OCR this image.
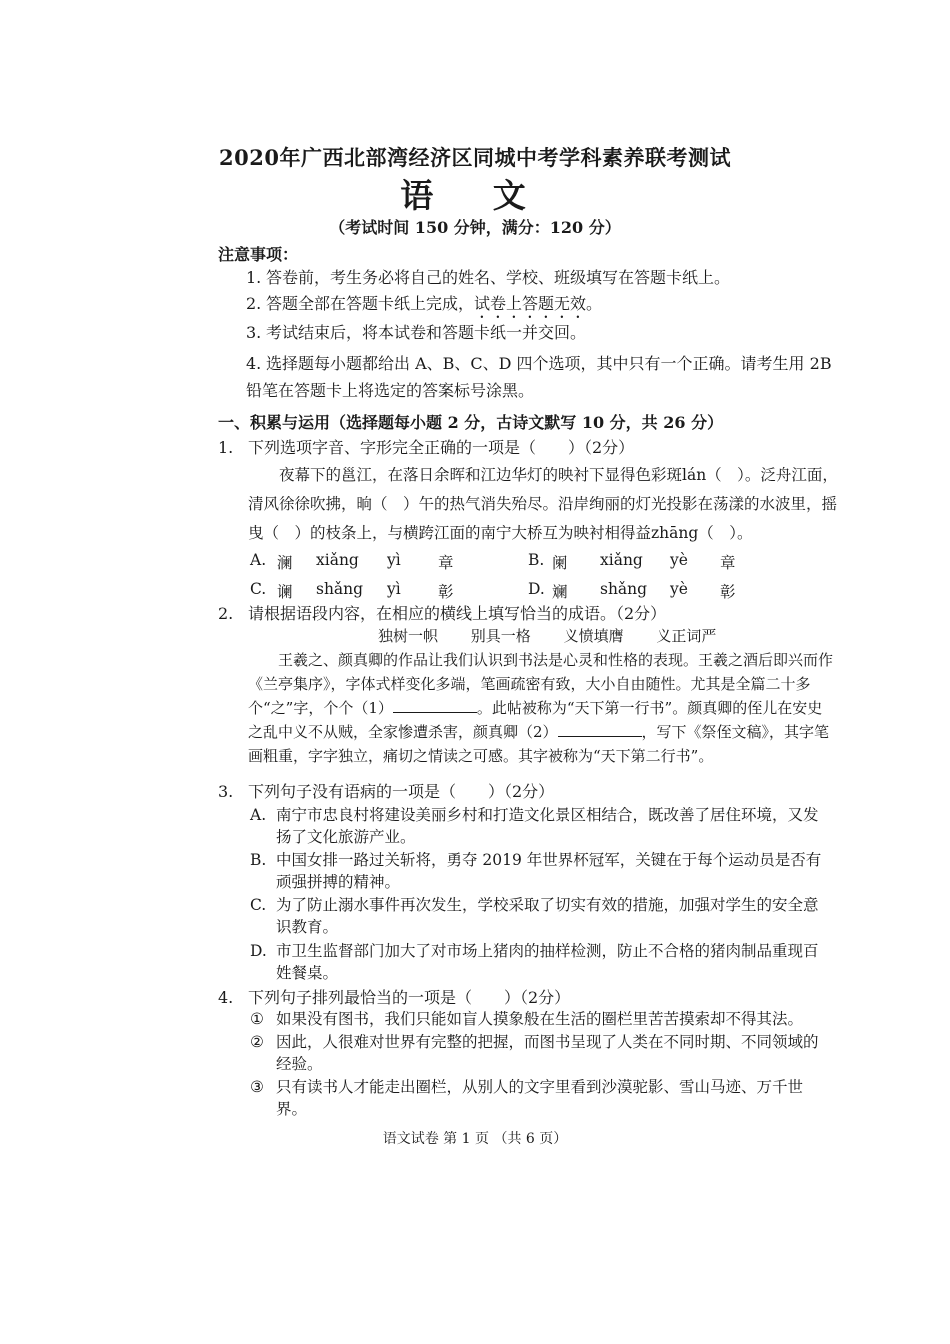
2020年广西北部湾经济区同城中考学科素养联考测试
语 文
（考试时间 150 分钟，满分：120 分）
注意事项：
1. 答卷前，考生务必将自己的姓名、学校、班级填写在答题卡纸上。
2. 答题全部在答题卡纸上完成，试卷上答题无效。
3. 考试结束后，将本试卷和答题卡纸一并交回。
4. 选择题每小题都给出 A、B、C、D 四个选项，其中只有一个正确。请考生用 2B 铅笔在答题卡上将选定的答案标号涂黑。
一、积累与运用（选择题每小题 2 分，古诗文默写 10 分，共 26 分）
1. 下列选项字音、字形完全正确的一项是（　　）（2分）
夜幕下的邕江，在落日余晖和江边华灯的映衬下显得色彩斑lán（　）。泛舟江面，清风徐徐吹拂，晌（　）午的热气消失殆尽。沿岸绚丽的灯光投影在荡漾的水波里，摇曳（　）的枝条上，与横跨江面的南宁大桥互为映衬相得益zhāng（　）。
A. 澜 xiǎng yì 章	B. 阑 xiǎng yè 章
C. 谰 shǎng yì 彰	D. 斓 shǎng yè 彰
2. 请根据语段内容，在相应的横线上填写恰当的成语。（2分）
独树一帜 别具一格 义愤填膺 义正词严
王羲之、颜真卿的作品让我们认识到书法是心灵和性格的表现。王羲之酒后即兴而作《兰亭集序》，字体式样变化多端，笔画疏密有致，大小自由随性。尤其是全篇二十多个“之”字，个个（1）	。此帖被称为“天下第一行书”。颜真卿的侄儿在安史之乱中义不从贼，全家惨遭杀害，颜真卿（2）	，写下《祭侄文稿》，其字笔画粗重，字字独立，痛切之情读之可感。其字被称为“天下第二行书”。
3. 下列句子没有语病的一项是（　　）（2分）
A. 南宁市忠良村将建设美丽乡村和打造文化景区相结合，既改善了居住环境，又发扬了文化旅游产业。
B. 中国女排一路过关斩将，勇夺 2019 年世界杯冠军，关键在于每个运动员是否有顽强拼搏的精神。
C. 为了防止溺水事件再次发生，学校采取了切实有效的措施，加强对学生的安全意识教育。
D. 市卫生监督部门加大了对市场上猪肉的抽样检测，防止不合格的猪肉制品重现百姓餐桌。
4. 下列句子排列最恰当的一项是（　　）（2分）
① 如果没有图书，我们只能如盲人摸象般在生活的圈栏里苦苦摸索却不得其法。
② 因此，人很难对世界有完整的把握，而图书呈现了人类在不同时期、不同领域的经验。
③ 只有读书人才能走出圈栏，从别人的文字里看到沙漠驼影、雪山马迹、万千世界。
语文试卷 第 1 页 （共 6 页）
